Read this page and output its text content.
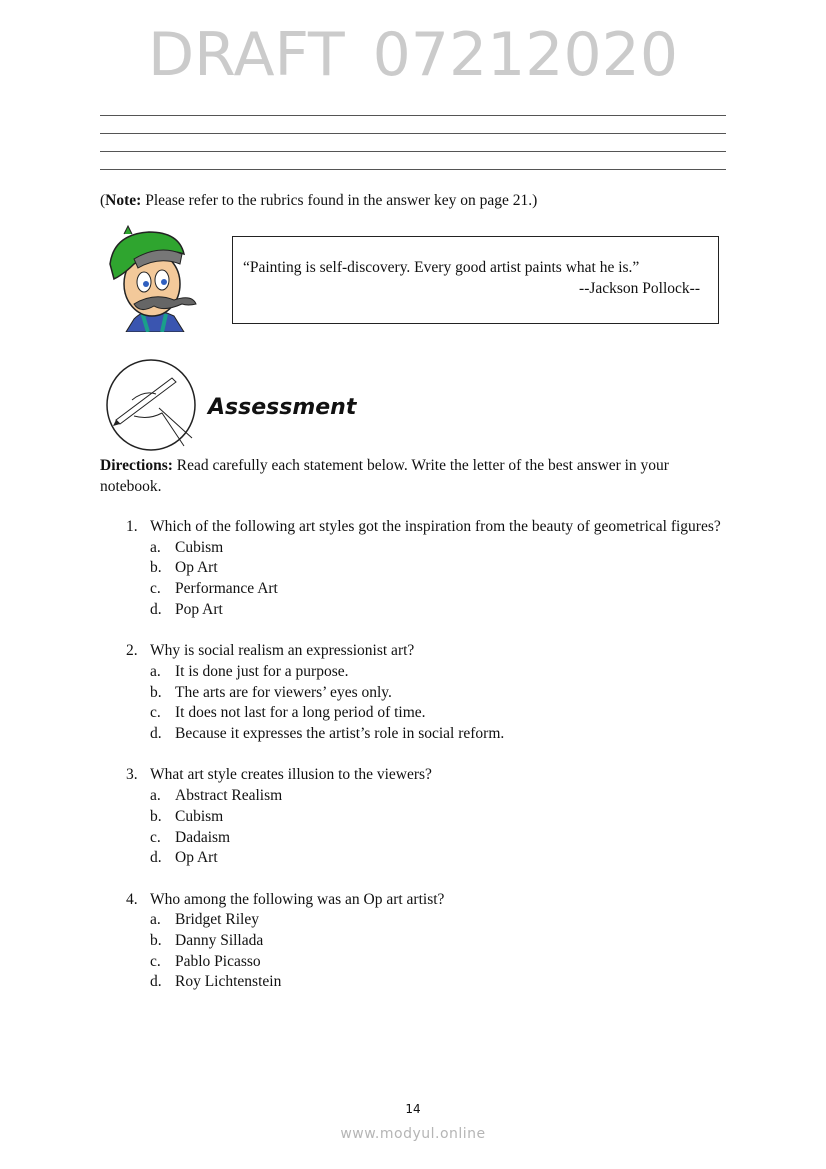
DRAFT 07212020
(Note: Please refer to the rubrics found in the answer key on page 21.)
“Painting is self-discovery. Every good artist paints what he is.”
--Jackson Pollock--
Assessment
Directions: Read carefully each statement below. Write the letter of the best answer in your notebook.
1. Which of the following art styles got the inspiration from the beauty of geometrical figures?
a. Cubism
b. Op Art
c. Performance Art
d. Pop Art
2. Why is social realism an expressionist art?
a. It is done just for a purpose.
b. The arts are for viewers’ eyes only.
c. It does not last for a long period of time.
d. Because it expresses the artist’s role in social reform.
3. What art style creates illusion to the viewers?
a. Abstract Realism
b. Cubism
c. Dadaism
d. Op Art
4. Who among the following was an Op art artist?
a. Bridget Riley
b. Danny Sillada
c. Pablo Picasso
d. Roy Lichtenstein
14
www.modyul.online
